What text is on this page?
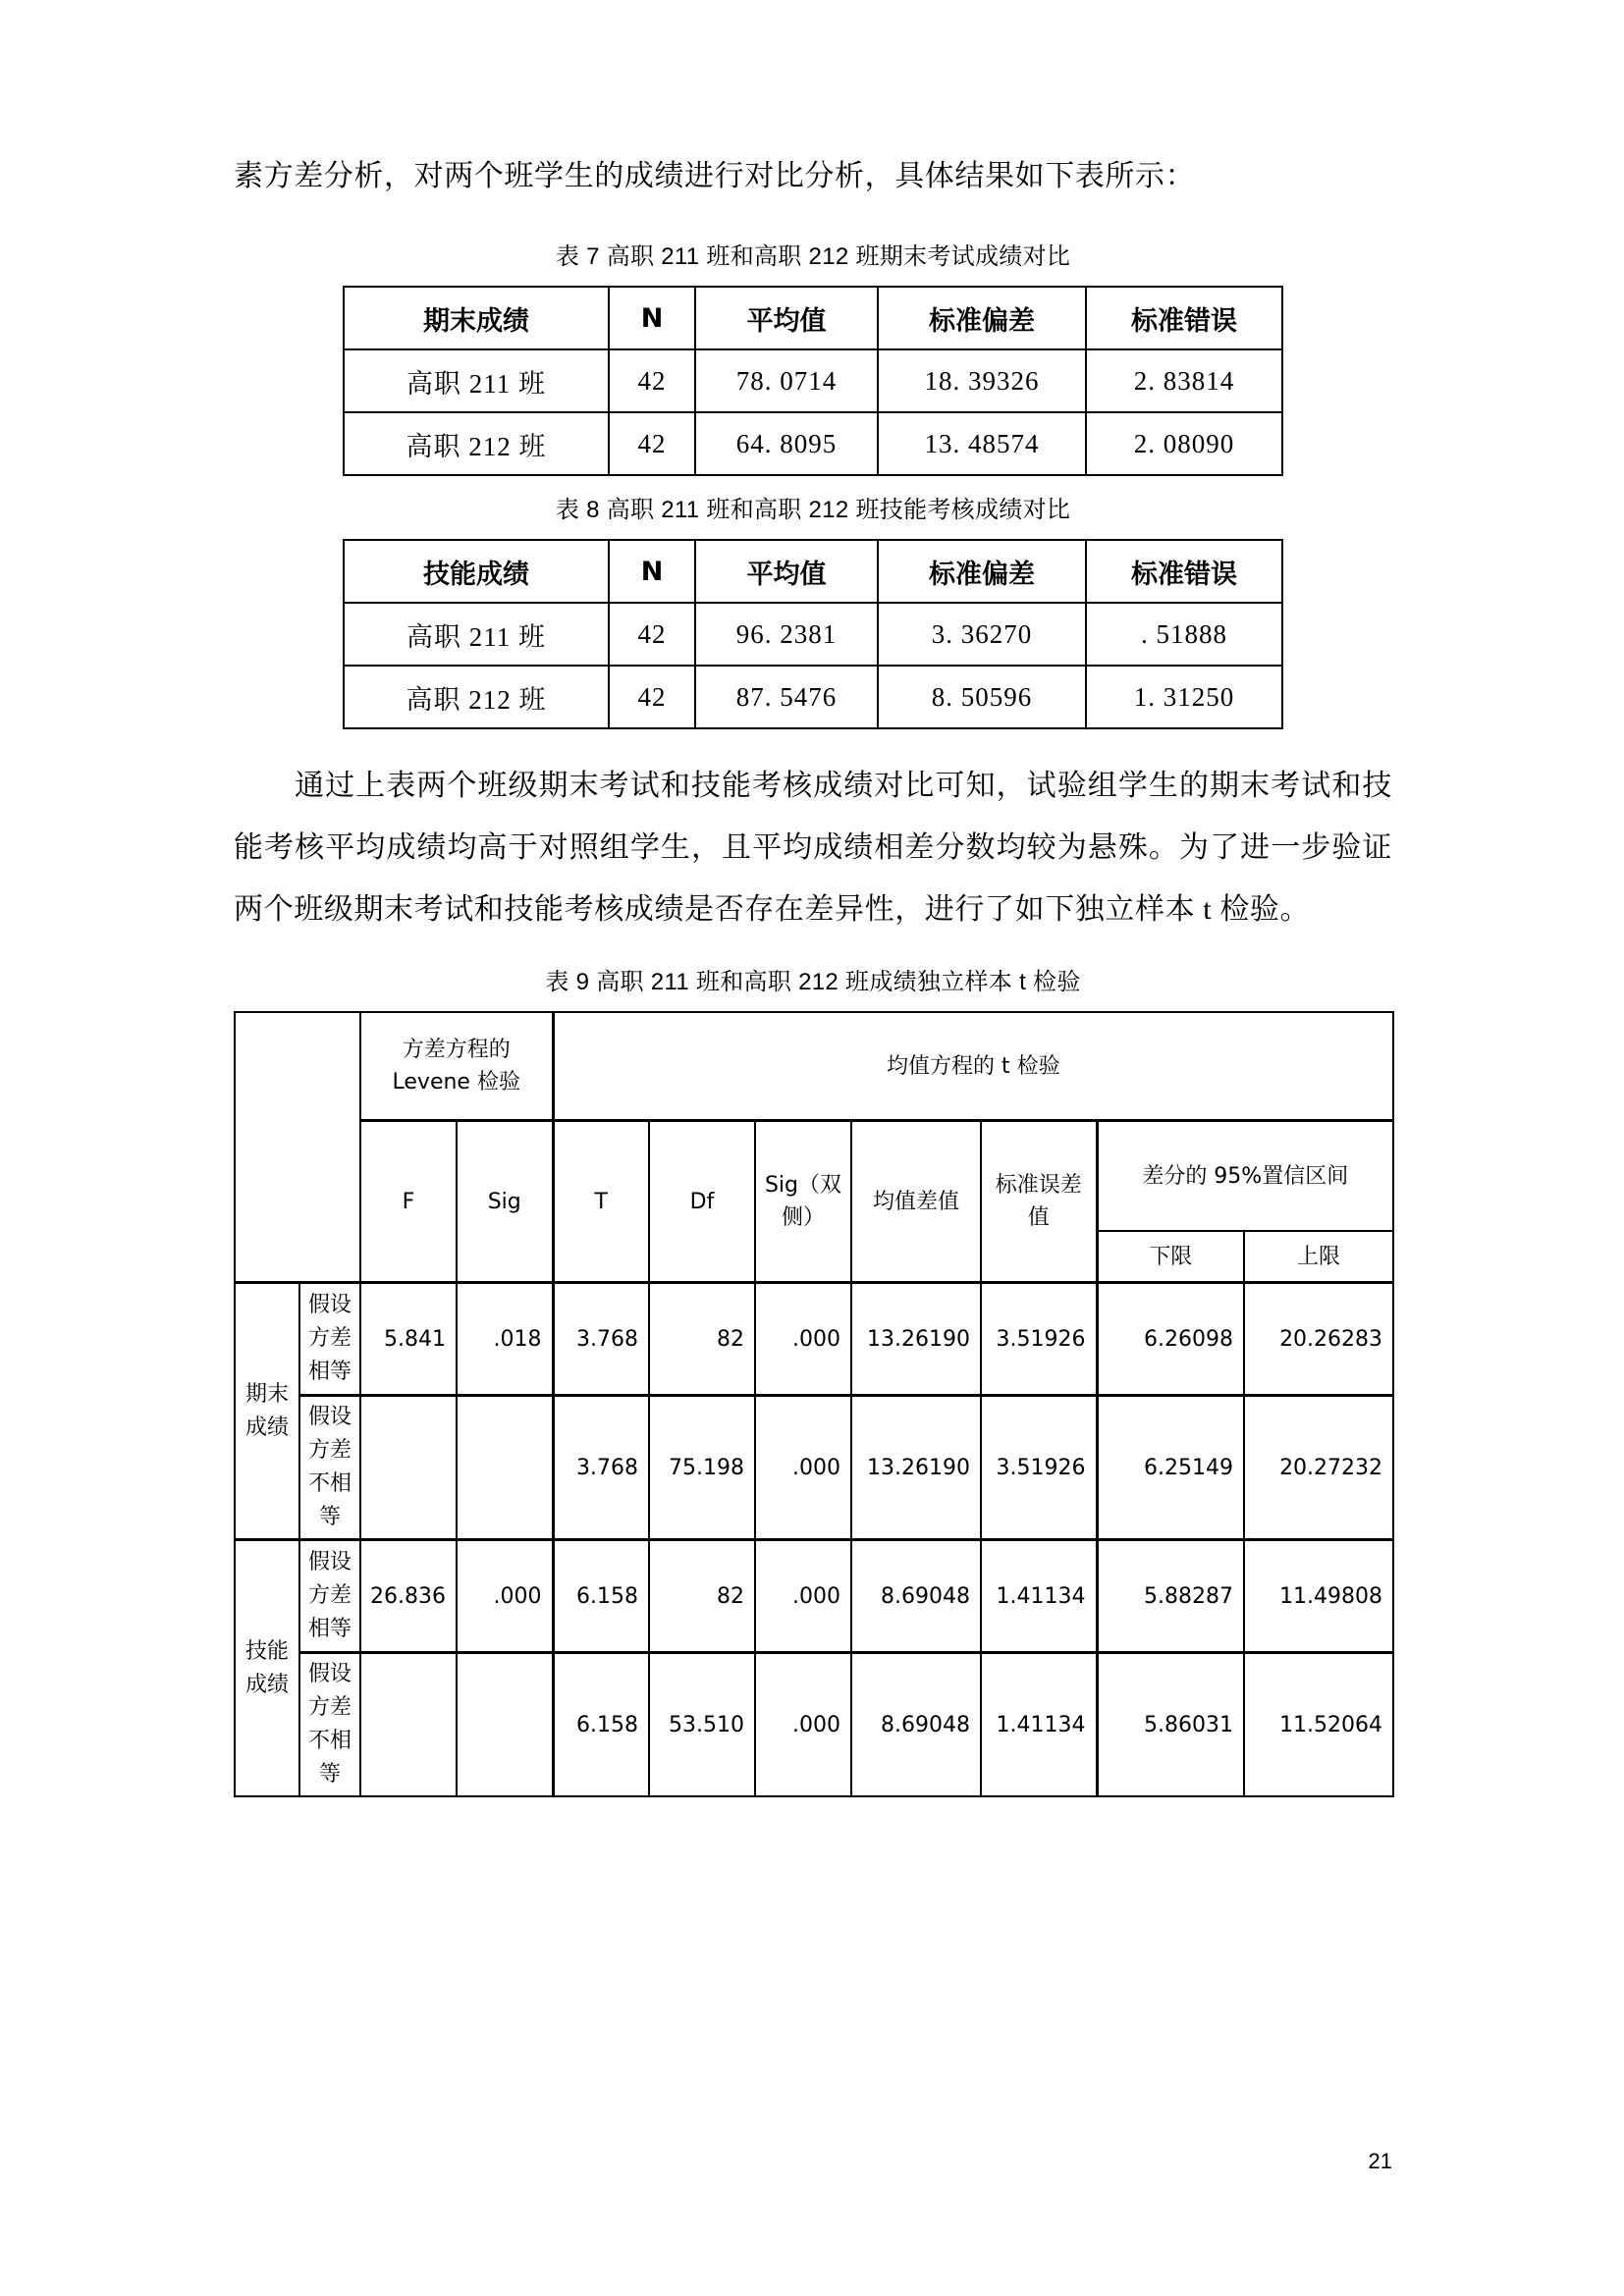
素方差分析，对两个班学生的成绩进行对比分析，具体结果如下表所示：

表 7 高职 211 班和高职 212 班期末考试成绩对比
期末成绩	N	平均值	标准偏差	标准错误
高职 211 班	42	78. 0714	18. 39326	2. 83814
高职 212 班	42	64. 8095	13. 48574	2. 08090
表 8 高职 211 班和高职 212 班技能考核成绩对比
技能成绩	N	平均值	标准偏差	标准错误
高职 211 班	42	96. 2381	3. 36270	. 51888
高职 212 班	42	87. 5476	8. 50596	1. 31250

通过上表两个班级期末考试和技能考核成绩对比可知，试验组学生的期末考试和技能考核平均成绩均高于对照组学生，且平均成绩相差分数均较为悬殊。为了进一步验证两个班级期末考试和技能考核成绩是否存在差异性，进行了如下独立样本 t 检验。

表 9 高职 211 班和高职 212 班成绩独立样本 t 检验
		方差方程的 Levene 检验		均值方程的 t 检验						
		F	Sig	T	Df	Sig（双侧）	均值差值	标准误差值	差分的 95%置信区间	
									下限	上限
期末成绩	假设方差相等	5.841	.018	3.768	82	.000	13.26190	3.51926	6.26098	20.26283
	假设方差不相等			3.768	75.198	.000	13.26190	3.51926	6.25149	20.27232
技能成绩	假设方差相等	26.836	.000	6.158	82	.000	8.69048	1.41134	5.88287	11.49808
	假设方差不相等			6.158	53.510	.000	8.69048	1.41134	5.86031	11.52064
21
